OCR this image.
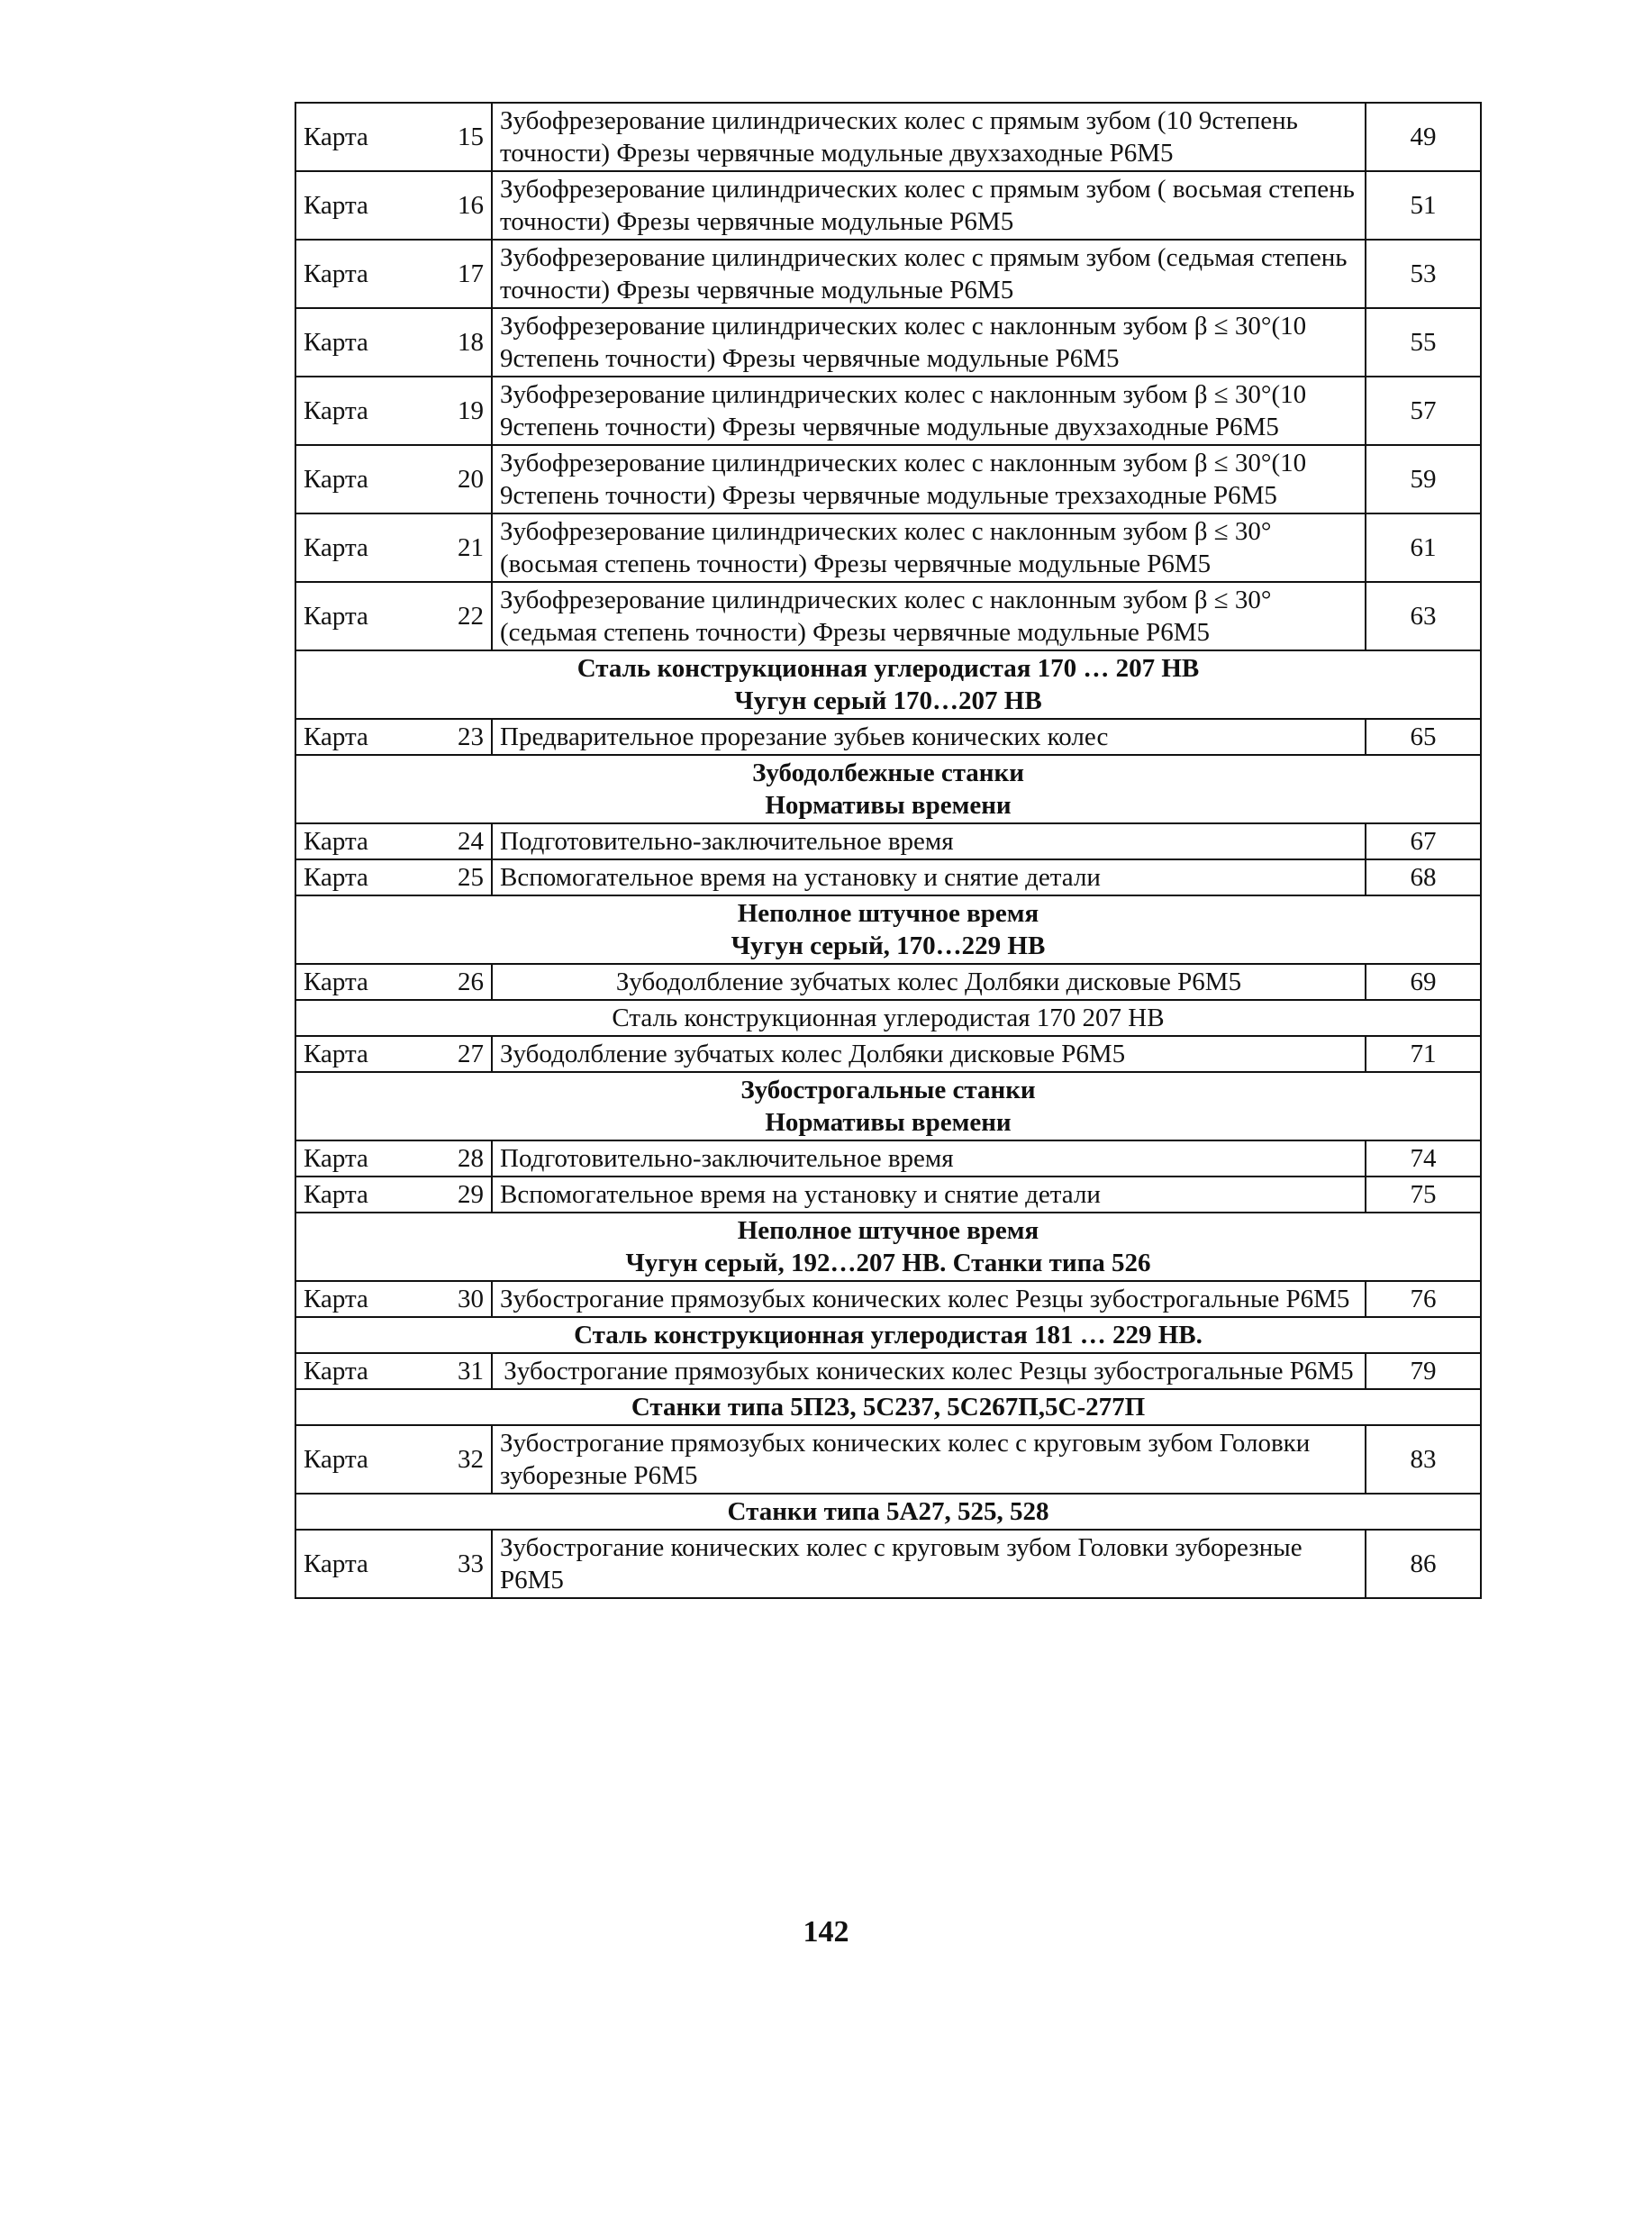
Карта	15	Зубофрезерование цилиндрических колес с прямым зубом (10 9степень точности) Фрезы червячные модульные двухзаходные Р6М5	49
Карта	16	Зубофрезерование цилиндрических колес с прямым зубом ( восьмая степень точности) Фрезы червячные модульные Р6М5	51
Карта	17	Зубофрезерование цилиндрических колес с прямым зубом (седьмая степень точности) Фрезы червячные модульные Р6М5	53
Карта	18	Зубофрезерование цилиндрических колес с наклонным зубом β ≤ 30°(10 9степень точности) Фрезы червячные модульные Р6М5	55
Карта	19	Зубофрезерование цилиндрических колес с наклонным зубом β ≤ 30°(10 9степень точности) Фрезы червячные модульные двухзаходные Р6М5	57
Карта	20	Зубофрезерование цилиндрических колес с наклонным зубом β ≤ 30°(10 9степень точности) Фрезы червячные модульные трехзаходные Р6М5	59
Карта	21	Зубофрезерование цилиндрических колес с наклонным зубом β ≤ 30°(восьмая степень точности) Фрезы червячные модульные Р6М5	61
Карта	22	Зубофрезерование цилиндрических колес с наклонным зубом β ≤ 30°(седьмая степень точности) Фрезы червячные модульные Р6М5	63

Сталь конструкционная углеродистая 170 … 207 НВ
Чугун серый 170…207 НВ			

Карта	23	Предварительное прорезание зубьев конических колес	65

Зубодолбежные станки
Нормативы времени			

Карта	24	Подготовительно-заключительное время	67
Карта	25	Вспомогательное время на установку и снятие детали	68

Неполное штучное время
Чугун серый, 170…229 НВ			

Карта	26	Зубодолбление зубчатых колес Долбяки дисковые Р6М5	69

Сталь конструкционная углеродистая 170 207 НВ			

Карта	27	Зубодолбление зубчатых колес Долбяки дисковые Р6М5	71

Зубострогальные станки
Нормативы времени			

Карта	28	Подготовительно-заключительное время	74
Карта	29	Вспомогательное время на установку и снятие детали	75

Неполное штучное время
Чугун серый, 192…207 НВ. Станки типа 526			

Карта	30	Зубострогание прямозубых конических колес Резцы зубострогальные Р6М5	76

Сталь конструкционная углеродистая 181 … 229 НВ.			

Карта	31	Зубострогание прямозубых конических колес Резцы зубострогальные Р6М5	79

Станки типа 5П23, 5С237, 5С267П,5С-277П			

Карта	32	Зубострогание прямозубых конических колес с круговым зубом Головки зуборезные Р6М5	83

Станки типа 5А27, 525, 528			

Карта	33	Зубострогание конических колес с круговым зубом Головки зуборезные Р6М5	86
142
